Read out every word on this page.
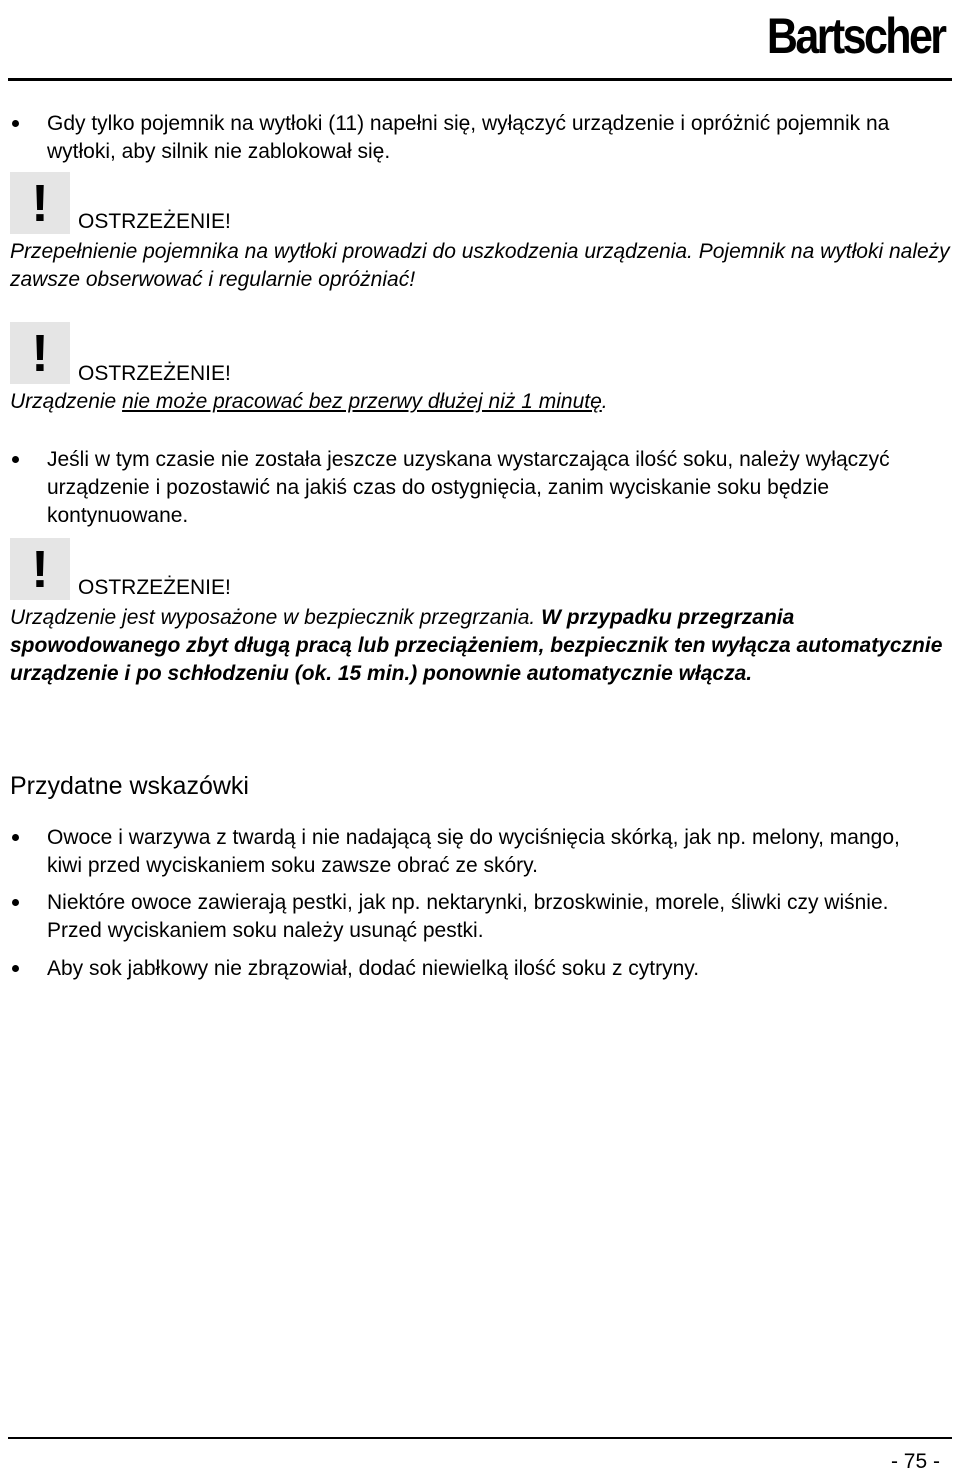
Bartscher
Gdy tylko pojemnik na wytłoki (11) napełni się, wyłączyć urządzenie i opróżnić pojemnik na wytłoki, aby silnik nie zablokował się.
!	OSTRZEŻENIE!
Przepełnienie pojemnika na wytłoki prowadzi do uszkodzenia urządzenia. Pojemnik na wytłoki należy zawsze obserwować i regularnie opróżniać!
!	OSTRZEŻENIE!
Urządzenie nie może pracować bez przerwy dłużej niż 1 minutę.
Jeśli w tym czasie nie została jeszcze uzyskana wystarczająca ilość soku, należy wyłączyć urządzenie i pozostawić na jakiś czas do ostygnięcia, zanim wyciskanie soku będzie kontynuowane.
!	OSTRZEŻENIE!
Urządzenie jest wyposażone w bezpiecznik przegrzania. W przypadku przegrzania spowodowanego zbyt długą pracą lub przeciążeniem, bezpiecznik ten wyłącza automatycznie urządzenie i po schłodzeniu (ok. 15 min.) ponownie automatycznie włącza.
Przydatne wskazówki
Owoce i warzywa z twardą i nie nadającą się do wyciśnięcia skórką, jak np. melony, mango, kiwi przed wyciskaniem soku zawsze obrać ze skóry.
Niektóre owoce zawierają pestki, jak np. nektarynki, brzoskwinie, morele, śliwki czy wiśnie. Przed wyciskaniem soku należy usunąć pestki.
Aby sok jabłkowy nie zbrązowiał, dodać niewielką ilość soku z cytryny.
- 75 -
